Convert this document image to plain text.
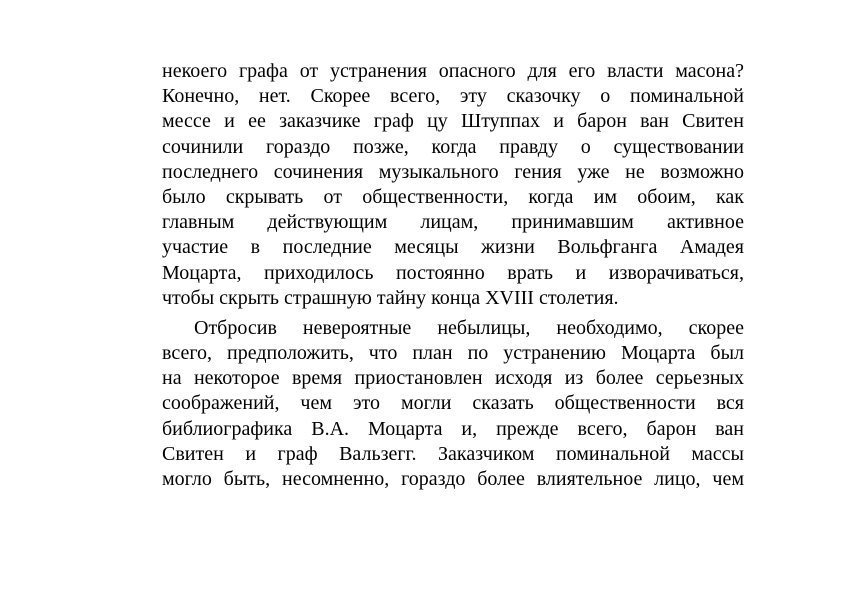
некоего графа от устранения опасного для его власти масона?
Конечно, нет. Скорее всего, эту сказочку о поминальной
мессе и ее заказчике граф цу Штуппах и барон ван Свитен
сочинили гораздо позже, когда правду о существовании
последнего сочинения музыкального гения уже не возможно
было скрывать от общественности, когда им обоим, как
главным действующим лицам, принимавшим активное
участие в последние месяцы жизни Вольфганга Амадея
Моцарта, приходилось постоянно врать и изворачиваться,
чтобы скрыть страшную тайну конца XVIII столетия.
Отбросив невероятные небылицы, необходимо, скорее
всего, предположить, что план по устранению Моцарта был
на некоторое время приостановлен исходя из более серьезных
соображений, чем это могли сказать общественности вся
библиографика В.А. Моцарта и, прежде всего, барон ван
Свитен и граф Вальзегг. Заказчиком поминальной массы
могло быть, несомненно, гораздо более влиятельное лицо, чем
